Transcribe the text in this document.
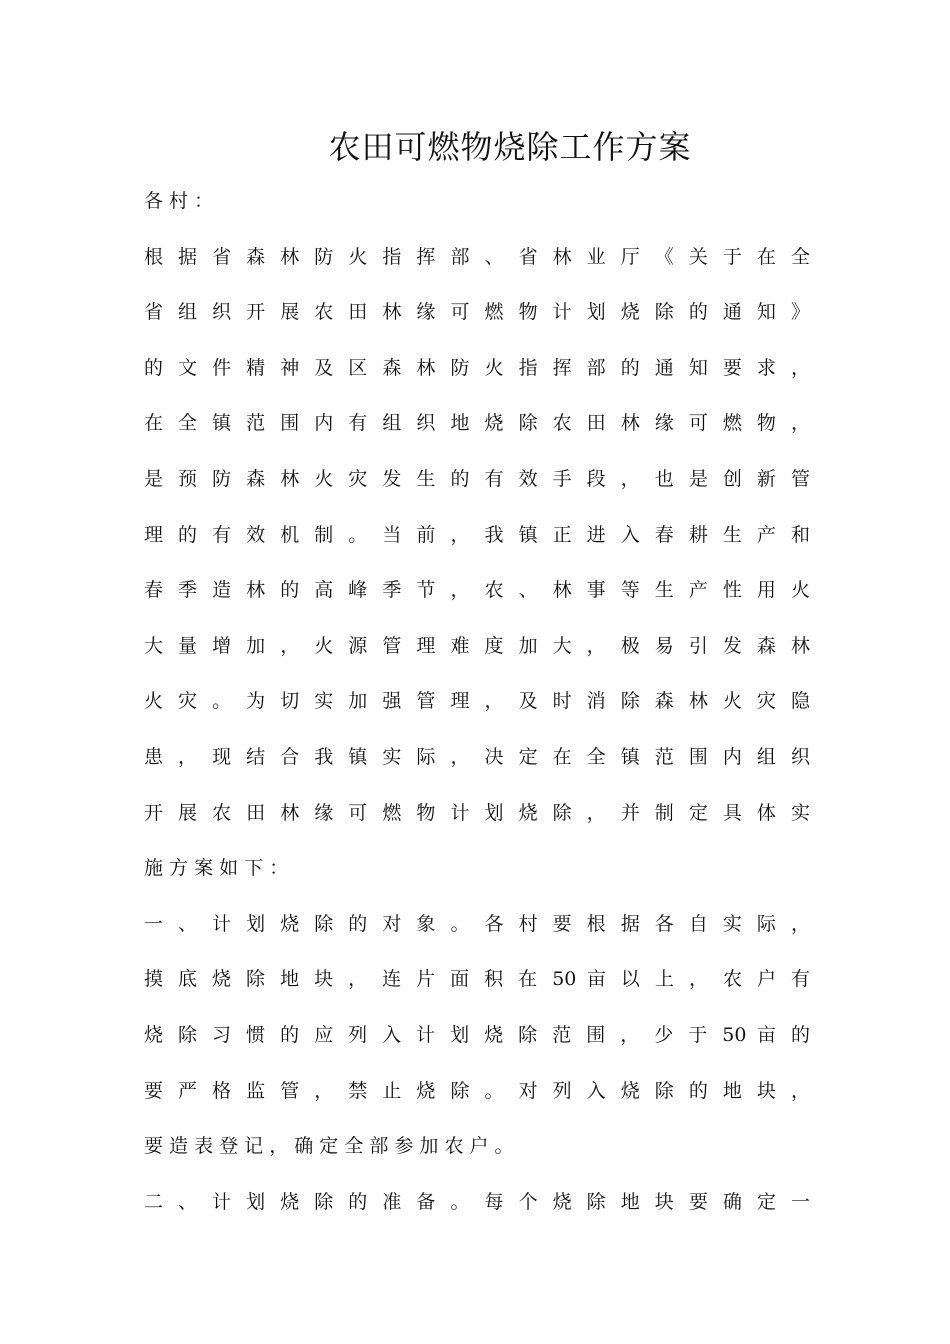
农田可燃物烧除工作方案
各 村 ：
根 据 省 森 林 防 火 指 挥 部 、 省 林 业 厅 《 关 于 在 全
省 组 织 开 展 农 田 林 缘 可 燃 物 计 划 烧 除 的 通 知 》
的 文 件 精 神 及 区 森 林 防 火 指 挥 部 的 通 知 要 求 ，
在 全 镇 范 围 内 有 组 织 地 烧 除 农 田 林 缘 可 燃 物 ，
是 预 防 森 林 火 灾 发 生 的 有 效 手 段 ， 也 是 创 新 管
理 的 有 效 机 制 。 当 前 ， 我 镇 正 进 入 春 耕 生 产 和
春 季 造 林 的 高 峰 季 节 ， 农 、 林 事 等 生 产 性 用 火
大 量 增 加 ， 火 源 管 理 难 度 加 大 ， 极 易 引 发 森 林
火 灾 。 为 切 实 加 强 管 理 ， 及 时 消 除 森 林 火 灾 隐
患 ， 现 结 合 我 镇 实 际 ， 决 定 在 全 镇 范 围 内 组 织
开 展 农 田 林 缘 可 燃 物 计 划 烧 除 ， 并 制 定 具 体 实
施 方 案 如 下 ：
一 、 计 划 烧 除 的 对 象 。 各 村 要 根 据 各 自 实 际 ，
摸 底 烧 除 地 块 ， 连 片 面 积 在 50 亩 以 上 ， 农 户 有
烧 除 习 惯 的 应 列 入 计 划 烧 除 范 围 ， 少 于 50 亩 的
要 严 格 监 管 ， 禁 止 烧 除 。 对 列 入 烧 除 的 地 块 ，
要 造 表 登 记 ， 确 定 全 部 参 加 农 户 。
二 、 计 划 烧 除 的 准 备 。 每 个 烧 除 地 块 要 确 定 一
